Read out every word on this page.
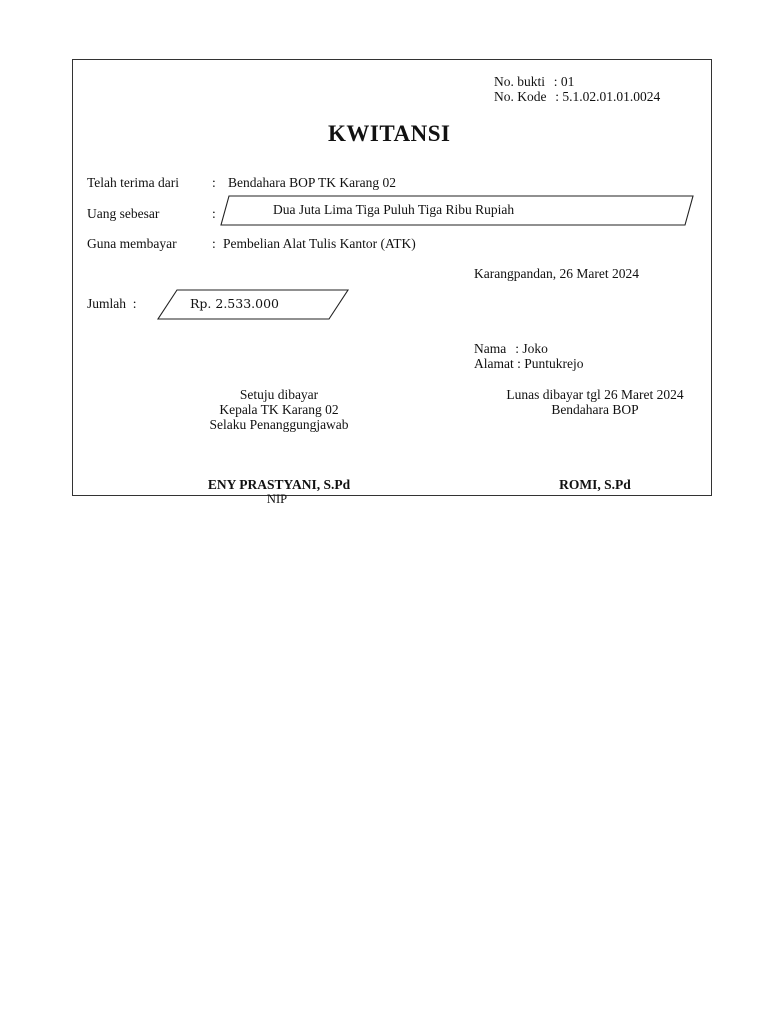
No. bukti : 01
No. Kode : 5.1.02.01.01.0024
KWITANSI
Telah terima dari : Bendahara BOP TK Karang 02
Uang sebesar	:	Dua Juta Lima Tiga Puluh Tiga Ribu Rupiah
Guna membayar	: Pembelian Alat Tulis Kantor (ATK)
Karangpandan, 26 Maret 2024
Jumlah  :	Rp. 2.533.000
Nama : Joko
Alamat : Puntukrejo
Setuju dibayar
Kepala TK Karang 02
Selaku Penanggungjawab
ENY PRASTYANI, S.Pd
NIP
Lunas dibayar tgl 26 Maret 2024
Bendahara BOP
ROMI, S.Pd
